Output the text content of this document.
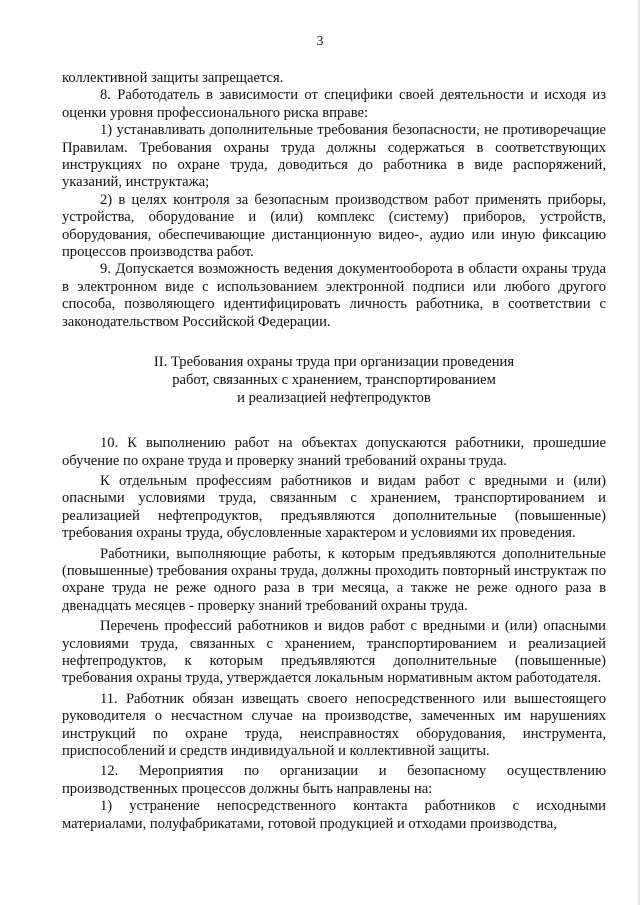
3

коллективной защиты запрещается.

8. Работодатель в зависимости от специфики своей деятельности и исходя из оценки уровня профессионального риска вправе:

1) устанавливать дополнительные требования безопасности, не противоречащие Правилам. Требования охраны труда должны содержаться в соответствующих инструкциях по охране труда, доводиться до работника в виде распоряжений, указаний, инструктажа;

2) в целях контроля за безопасным производством работ применять приборы, устройства, оборудование и (или) комплекс (систему) приборов, устройств, оборудования, обеспечивающие дистанционную видео-, аудио или иную фиксацию процессов производства работ.

9. Допускается возможность ведения документооборота в области охраны труда в электронном виде с использованием электронной подписи или любого другого способа, позволяющего идентифицировать личность работника, в соответствии с законодательством Российской Федерации.

II. Требования охраны труда при организации проведения
работ, связанных с хранением, транспортированием
и реализацией нефтепродуктов

10. К выполнению работ на объектах допускаются работники, прошедшие обучение по охране труда и проверку знаний требований охраны труда.

К отдельным профессиям работников и видам работ с вредными и (или) опасными условиями труда, связанным с хранением, транспортированием и реализацией нефтепродуктов, предъявляются дополнительные (повышенные) требования охраны труда, обусловленные характером и условиями их проведения.

Работники, выполняющие работы, к которым предъявляются дополнительные (повышенные) требования охраны труда, должны проходить повторный инструктаж по охране труда не реже одного раза в три месяца, а также не реже одного раза в двенадцать месяцев - проверку знаний требований охраны труда.

Перечень профессий работников и видов работ с вредными и (или) опасными условиями труда, связанных с хранением, транспортированием и реализацией нефтепродуктов, к которым предъявляются дополнительные (повышенные) требования охраны труда, утверждается локальным нормативным актом работодателя.

11. Работник обязан извещать своего непосредственного или вышестоящего руководителя о несчастном случае на производстве, замеченных им нарушениях инструкций по охране труда, неисправностях оборудования, инструмента, приспособлений и средств индивидуальной и коллективной защиты.

12. Мероприятия по организации и безопасному осуществлению производственных процессов должны быть направлены на:

1) устранение непосредственного контакта работников с исходными материалами, полуфабрикатами, готовой продукцией и отходами производства,
